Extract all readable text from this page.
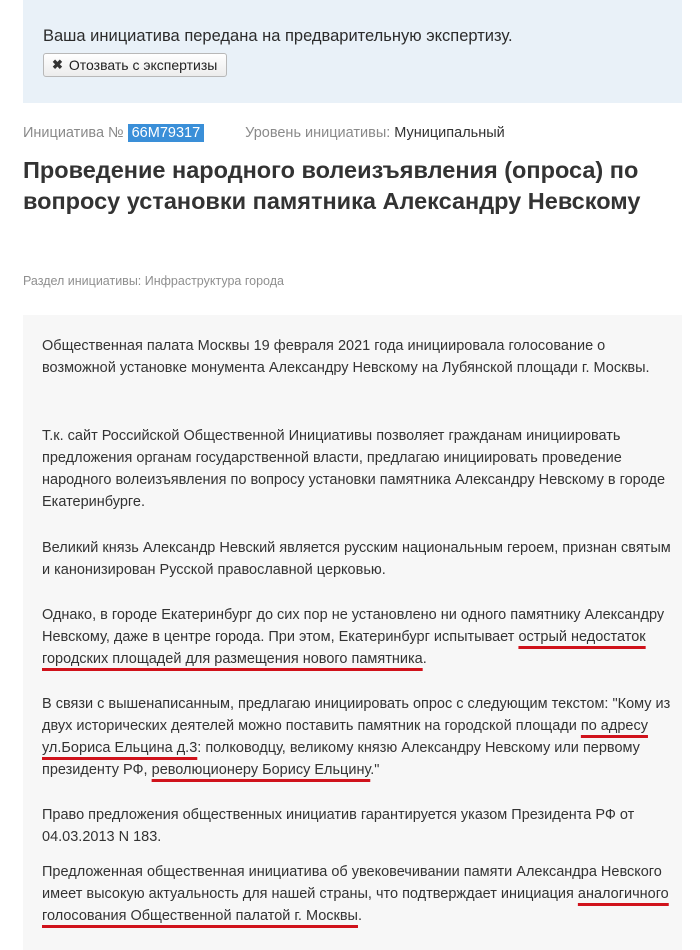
Ваша инициатива передана на предварительную экспертизу.
✖ Отозвать с экспертизы
Инициатива № 66М79317	Уровень инициативы: Муниципальный
Проведение народного волеизъявления (опроса) по вопросу установки памятника Александру Невскому
Раздел инициативы: Инфраструктура города

Общественная палата Москвы 19 февраля 2021 года инициировала голосование о возможной установке монумента Александру Невскому на Лубянской площади г. Москвы.

Т.к. сайт Российской Общественной Инициативы позволяет гражданам инициировать предложения органам государственной власти, предлагаю инициировать проведение народного волеизъявления по вопросу установки памятника Александру Невскому в городе Екатеринбурге.

Великий князь Александр Невский является русским национальным героем, признан святым и канонизирован Русской православной церковью.

Однако, в городе Екатеринбург до сих пор не установлено ни одного памятнику Александру Невскому, даже в центре города. При этом, Екатеринбург испытывает острый недостаток городских площадей для размещения нового памятника.

В связи с вышенаписанным, предлагаю инициировать опрос с следующим текстом: "Кому из двух исторических деятелей можно поставить памятник на городской площади по адресу ул.Бориса Ельцина д.3: полководцу, великому князю Александру Невскому или первому президенту РФ, революционеру Борису Ельцину."

Право предложения общественных инициатив гарантируется указом Президента РФ от 04.03.2013 N 183.

Предложенная общественная инициатива об увековечивании памяти Александра Невского имеет высокую актуальность для нашей страны, что подтверждает инициация аналогичного голосования Общественной палатой г. Москвы.
